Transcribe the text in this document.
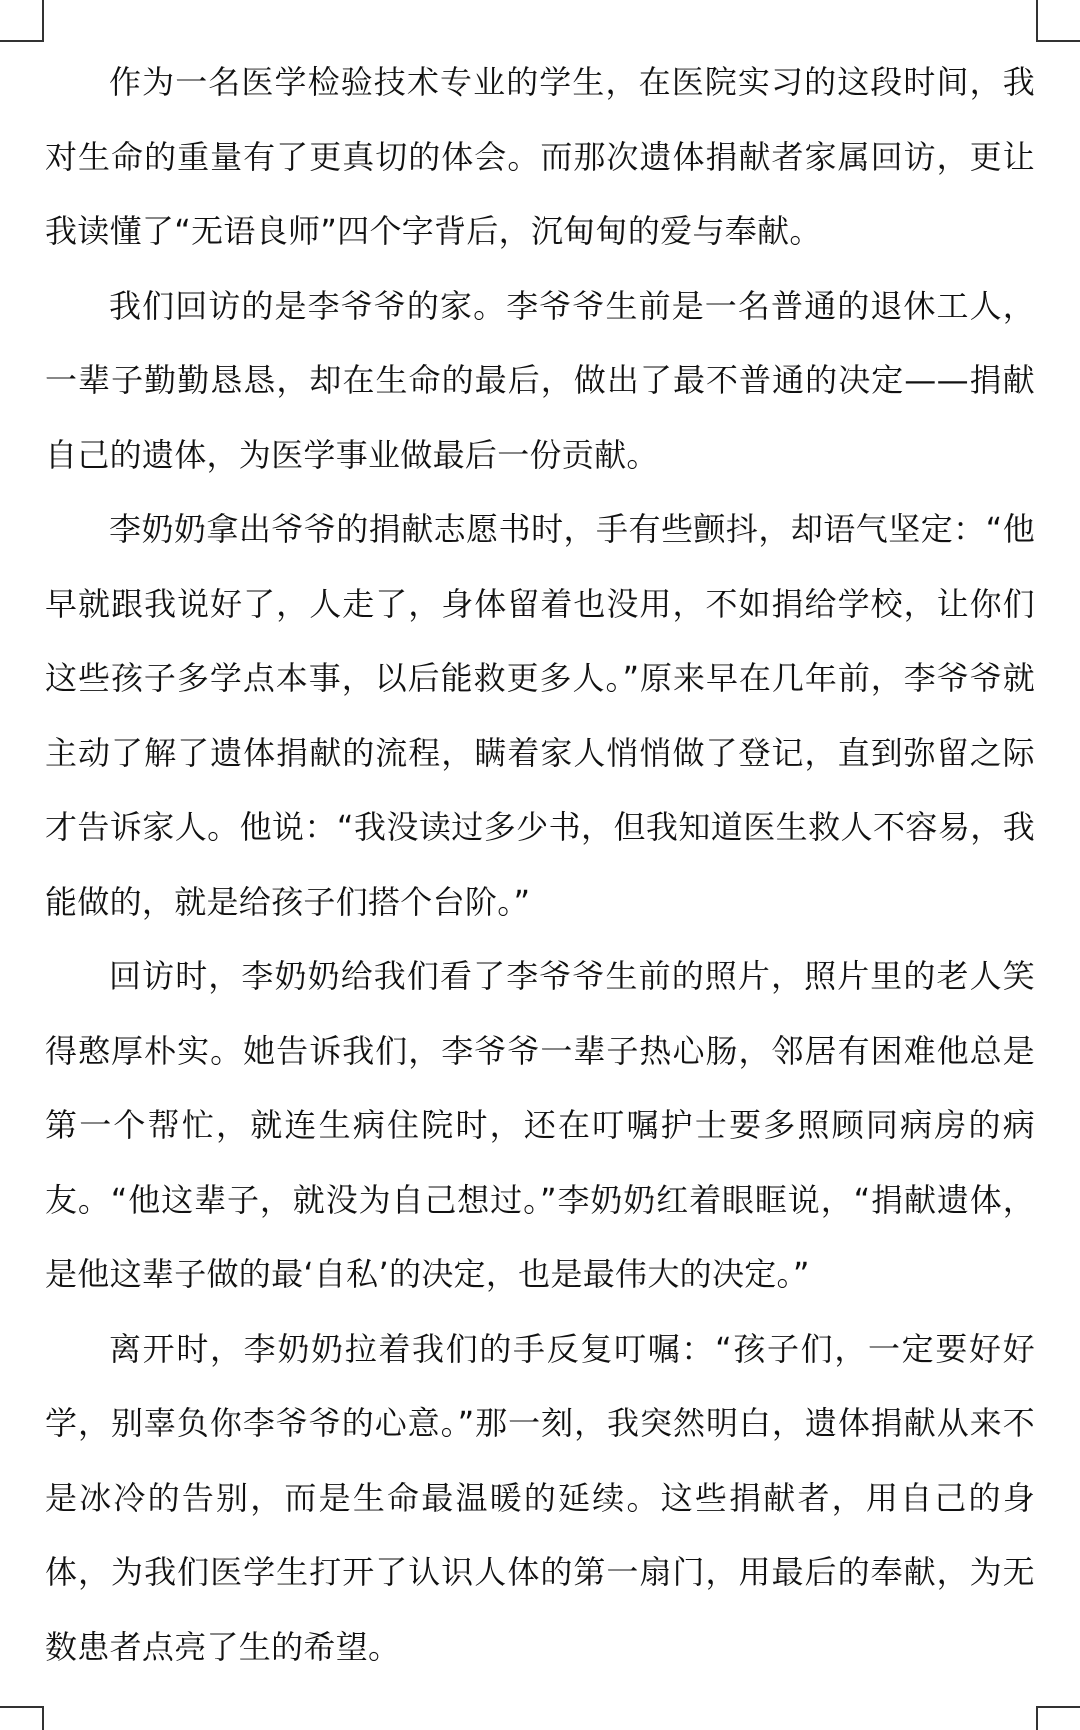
作为一名医学检验技术专业的学生，在医院实习的这段时间，我对生命的重量有了更真切的体会。而那次遗体捐献者家属回访，更让我读懂了“无语良师”四个字背后，沉甸甸的爱与奉献。

我们回访的是李爷爷的家。李爷爷生前是一名普通的退休工人，一辈子勤勤恳恳，却在生命的最后，做出了最不普通的决定——捐献自己的遗体，为医学事业做最后一份贡献。

李奶奶拿出爷爷的捐献志愿书时，手有些颤抖，却语气坚定：“他早就跟我说好了，人走了，身体留着也没用，不如捐给学校，让你们这些孩子多学点本事，以后能救更多人。”原来早在几年前，李爷爷就主动了解了遗体捐献的流程，瞒着家人悄悄做了登记，直到弥留之际才告诉家人。他说：“我没读过多少书，但我知道医生救人不容易，我能做的，就是给孩子们搭个台阶。”

回访时，李奶奶给我们看了李爷爷生前的照片，照片里的老人笑得憨厚朴实。她告诉我们，李爷爷一辈子热心肠，邻居有困难他总是第一个帮忙，就连生病住院时，还在叮嘱护士要多照顾同病房的病友。“他这辈子，就没为自己想过。”李奶奶红着眼眶说，“捐献遗体，是他这辈子做的最‘自私’的决定，也是最伟大的决定。”

离开时，李奶奶拉着我们的手反复叮嘱：“孩子们，一定要好好学，别辜负你李爷爷的心意。”那一刻，我突然明白，遗体捐献从来不是冰冷的告别，而是生命最温暖的延续。这些捐献者，用自己的身体，为我们医学生打开了认识人体的第一扇门，用最后的奉献，为无数患者点亮了生的希望。
